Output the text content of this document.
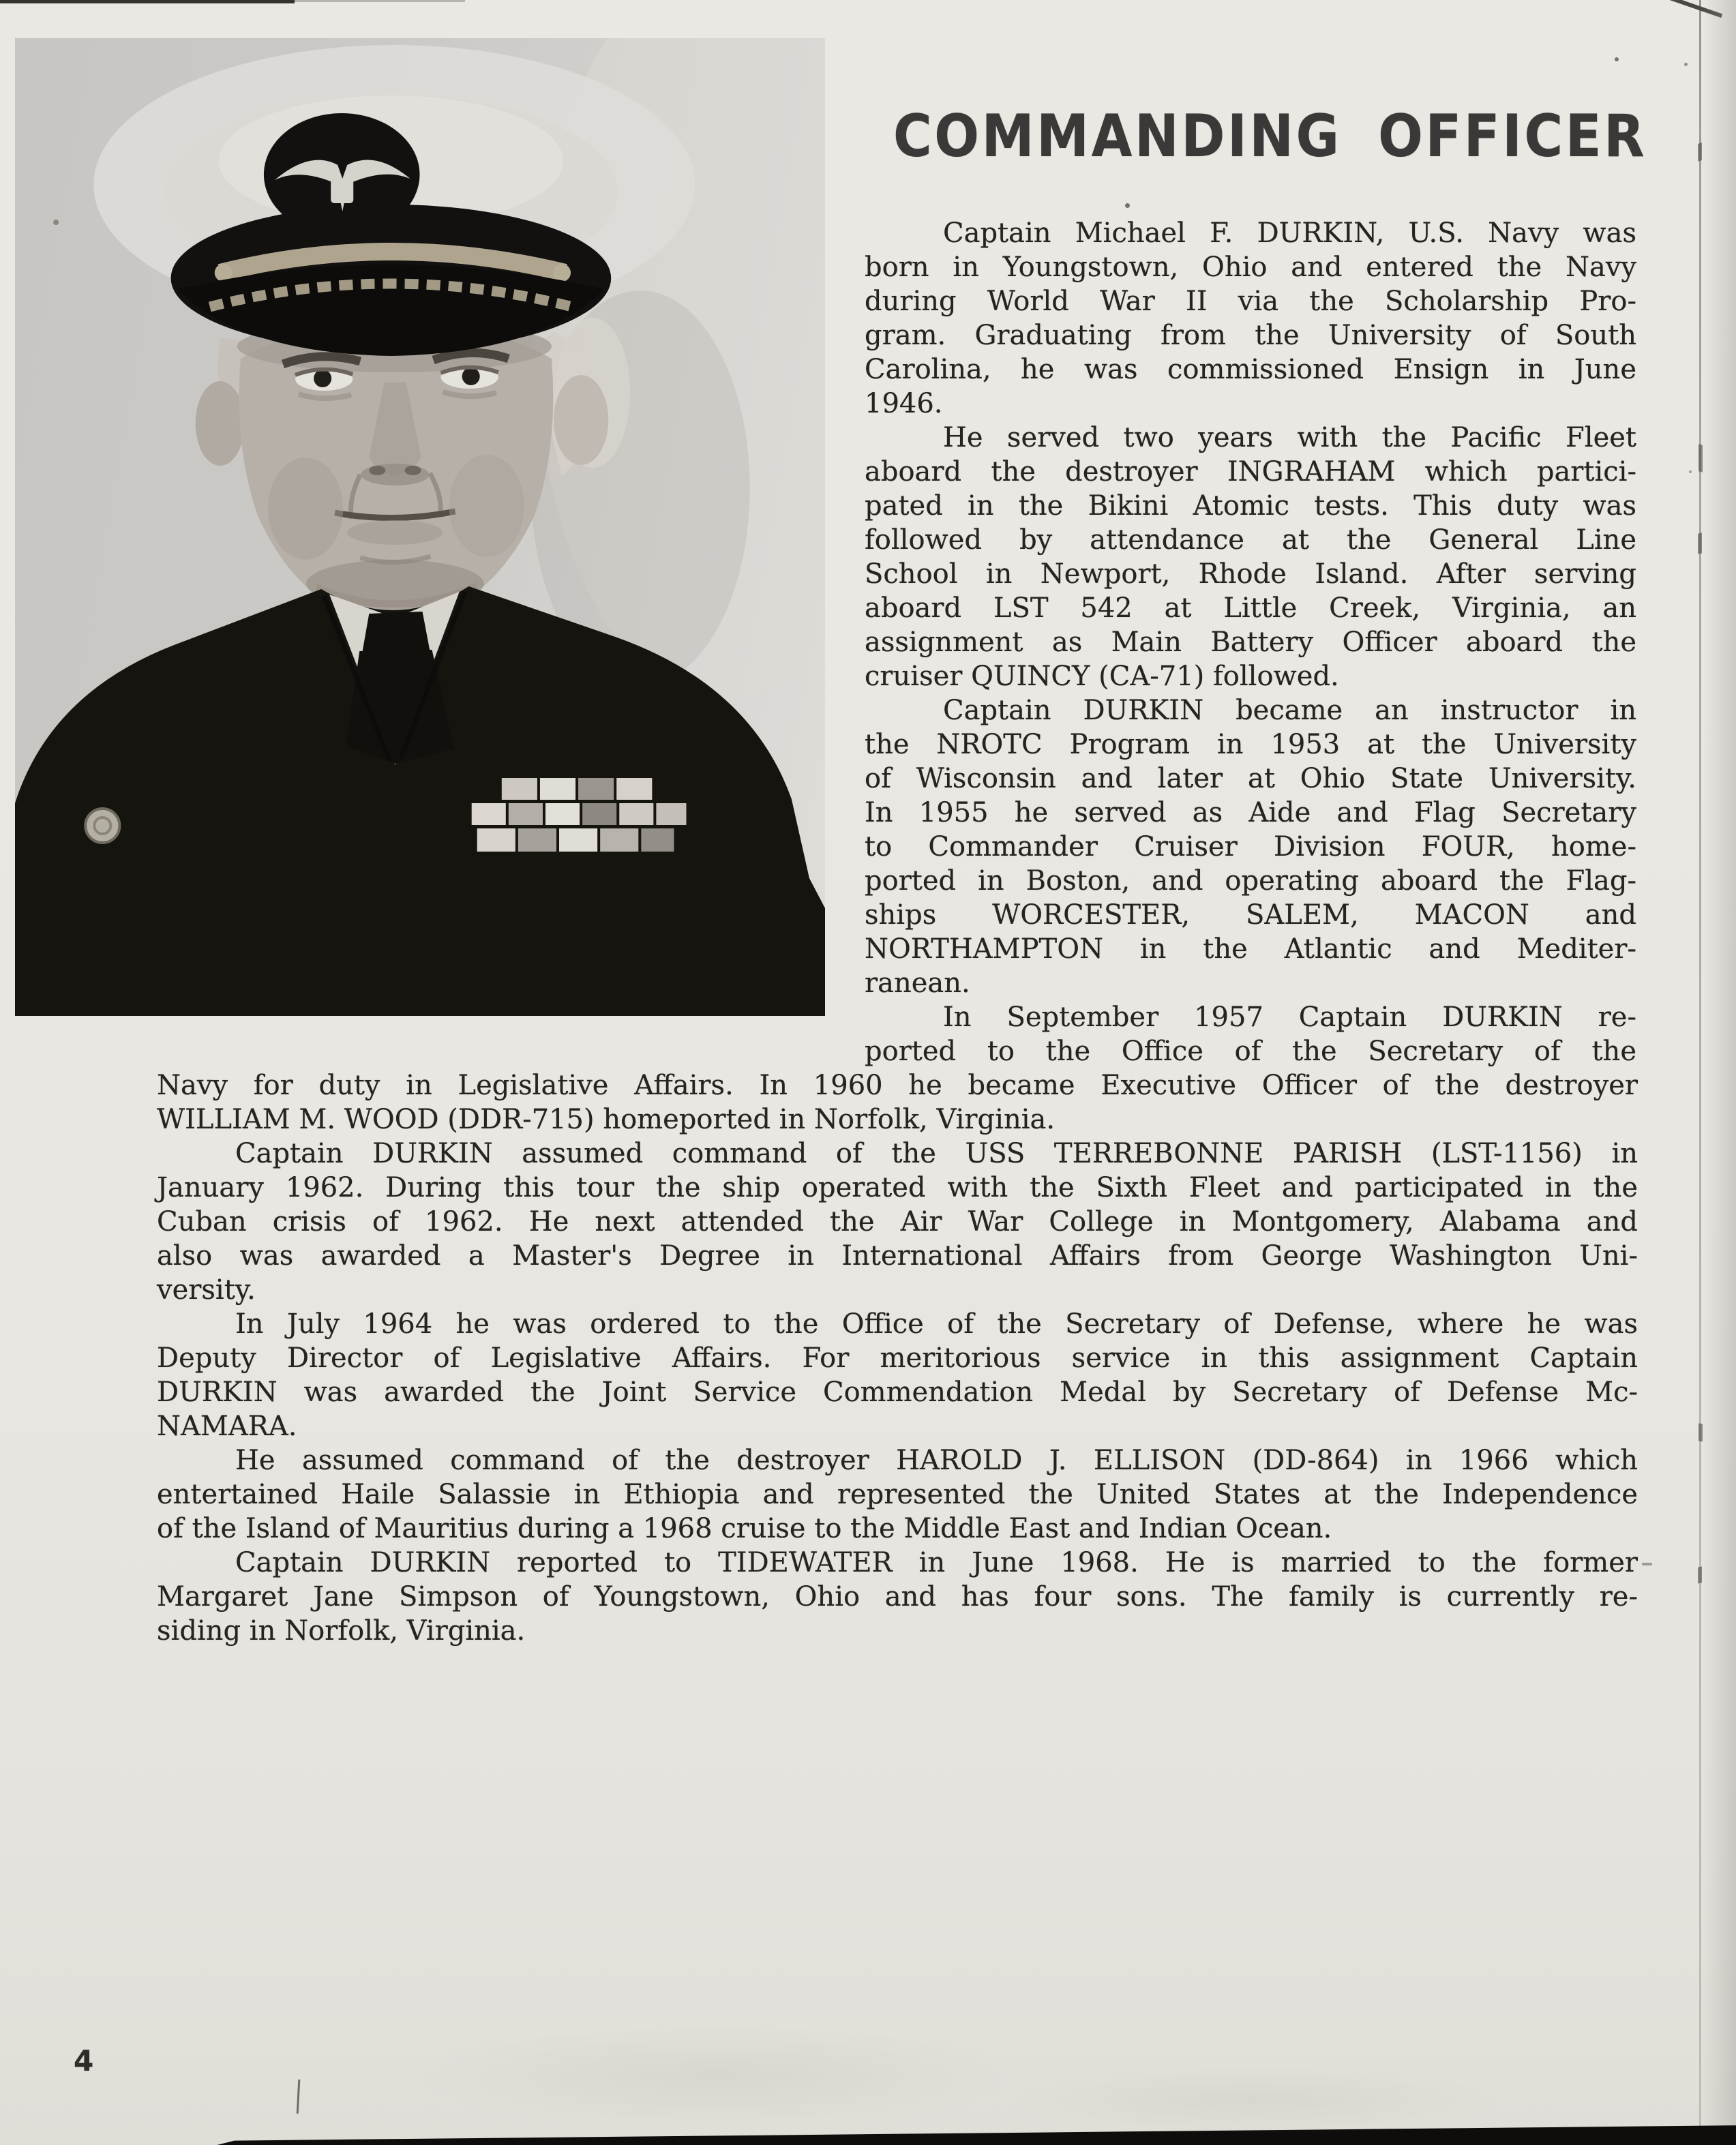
COMMANDING OFFICER
Captain Michael F. DURKIN, U.S. Navy was
born in Youngstown, Ohio and entered the Navy
during World War II via the Scholarship Pro-
gram. Graduating from the University of South
Carolina, he was commissioned Ensign in June
1946.
He served two years with the Pacific Fleet
aboard the destroyer INGRAHAM which partici-
pated in the Bikini Atomic tests. This duty was
followed by attendance at the General Line
School in Newport, Rhode Island. After serving
aboard LST 542 at Little Creek, Virginia, an
assignment as Main Battery Officer aboard the
cruiser QUINCY (CA-71) followed.
Captain DURKIN became an instructor in
the NROTC Program in 1953 at the University
of Wisconsin and later at Ohio State University.
In 1955 he served as Aide and Flag Secretary
to Commander Cruiser Division FOUR, home-
ported in Boston, and operating aboard the Flag-
ships WORCESTER, SALEM, MACON and
NORTHAMPTON in the Atlantic and Mediter-
ranean.
In September 1957 Captain DURKIN re-
ported to the Office of the Secretary of the
Navy for duty in Legislative Affairs. In 1960 he became Executive Officer of the destroyer
WILLIAM M. WOOD (DDR-715) homeported in Norfolk, Virginia.
Captain DURKIN assumed command of the USS TERREBONNE PARISH (LST-1156) in
January 1962. During this tour the ship operated with the Sixth Fleet and participated in the
Cuban crisis of 1962. He next attended the Air War College in Montgomery, Alabama and
also was awarded a Master's Degree in International Affairs from George Washington Uni-
versity.
In July 1964 he was ordered to the Office of the Secretary of Defense, where he was
Deputy Director of Legislative Affairs. For meritorious service in this assignment Captain
DURKIN was awarded the Joint Service Commendation Medal by Secretary of Defense Mc-
NAMARA.
He assumed command of the destroyer HAROLD J. ELLISON (DD-864) in 1966 which
entertained Haile Salassie in Ethiopia and represented the United States at the Independence
of the Island of Mauritius during a 1968 cruise to the Middle East and Indian Ocean.
Captain DURKIN reported to TIDEWATER in June 1968. He is married to the former
Margaret Jane Simpson of Youngstown, Ohio and has four sons. The family is currently re-
siding in Norfolk, Virginia.
4
